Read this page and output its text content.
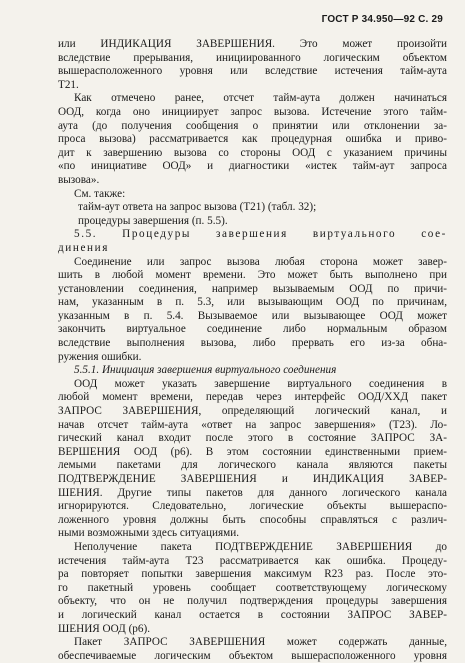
ГОСТ Р 34.950—92 С. 29
или ИНДИКАЦИЯ ЗАВЕРШЕНИЯ. Это может произойти
вследствие прерывания, инициированного логическим объектом
вышерасположенного уровня или вследствие истечения тайм-аута
Т21.
Как отмечено ранее, отсчет тайм-аута должен начинаться
ООД, когда оно инициирует запрос вызова. Истечение этого тайм-
аута (до получения сообщения о принятии или отклонении за-
проса вызова) рассматривается как процедурная ошибка и приво-
дит к завершению вызова со стороны ООД с указанием причины
«по инициативе ООД» и диагностики «истек тайм-аут запроса
вызова».
См. также:
тайм-аут ответа на запрос вызова (Т21) (табл. 32);
процедуры завершения (п. 5.5).
5.5. Процедуры завершения виртуального сое-
динения
Соединение или запрос вызова любая сторона может завер-
шить в любой момент времени. Это может быть выполнено при
установлении соединения, например вызываемым ООД по причи-
нам, указанным в п. 5.3, или вызывающим ООД по причинам,
указанным в п. 5.4. Вызываемое или вызывающее ООД может
закончить виртуальное соединение либо нормальным образом
вследствие выполнения вызова, либо прервать его из-за обна-
ружения ошибки.
5.5.1. Инициация завершения виртуального соединения
ООД может указать завершение виртуального соединения в
любой момент времени, передав через интерфейс ООД/ХХД пакет
ЗАПРОС ЗАВЕРШЕНИЯ, определяющий логический канал, и
начав отсчет тайм-аута «ответ на запрос завершения» (Т23). Ло-
гический канал входит после этого в состояние ЗАПРОС ЗА-
ВЕРШЕНИЯ ООД (р6). В этом состоянии единственными прием-
лемыми пакетами для логического канала являются пакеты
ПОДТВЕРЖДЕНИЕ ЗАВЕРШЕНИЯ и ИНДИКАЦИЯ ЗАВЕР-
ШЕНИЯ. Другие типы пакетов для данного логического канала
игнорируются. Следовательно, логические объекты вышераспо-
ложенного уровня должны быть способны справляться с различ-
ными возможными здесь ситуациями.
Неполучение пакета ПОДТВЕРЖДЕНИЕ ЗАВЕРШЕНИЯ до
истечения тайм-аута Т23 рассматривается как ошибка. Процеду-
ра повторяет попытки завершения максимум R23 раз. После это-
го пакетный уровень сообщает соответствующему логическому
объекту, что он не получил подтверждения процедуры завершения
и логический канал остается в состоянии ЗАПРОС ЗАВЕР-
ШЕНИЯ ООД (р6).
Пакет ЗАПРОС ЗАВЕРШЕНИЯ может содержать данные,
обеспечиваемые логическим объектом вышерасположенного уровня
